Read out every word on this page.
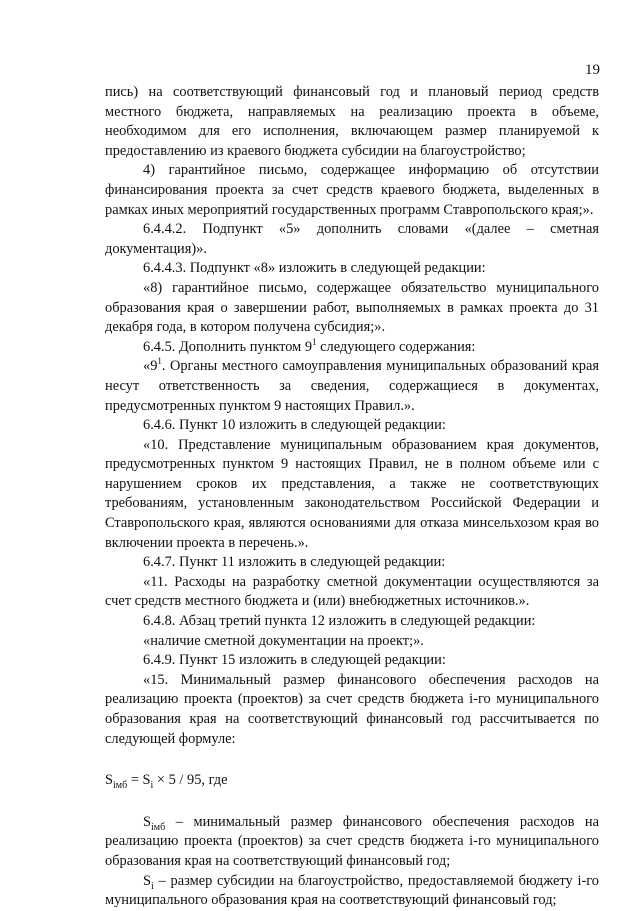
19

пись) на соответствующий финансовый год и плановый период средств местного бюджета, направляемых на реализацию проекта в объеме, необходимом для его исполнения, включающем размер планируемой к предоставлению из краевого бюджета субсидии на благоустройство;

4) гарантийное письмо, содержащее информацию об отсутствии финансирования проекта за счет средств краевого бюджета, выделенных в рамках иных мероприятий государственных программ Ставропольского края;».

6.4.4.2. Подпункт «5» дополнить словами «(далее – сметная документация)».

6.4.4.3. Подпункт «8» изложить в следующей редакции:

«8) гарантийное письмо, содержащее обязательство муниципального образования края о завершении работ, выполняемых в рамках проекта до 31 декабря года, в котором получена субсидия;».

6.4.5. Дополнить пунктом $9^1$ следующего содержания:

«$9^1$. Органы местного самоуправления муниципальных образований края несут ответственность за сведения, содержащиеся в документах, предусмотренных пунктом 9 настоящих Правил.».

6.4.6. Пункт 10 изложить в следующей редакции:

«10. Представление муниципальным образованием края документов, предусмотренных пунктом 9 настоящих Правил, не в полном объеме или с нарушением сроков их представления, а также не соответствующих требованиям, установленным законодательством Российской Федерации и Ставропольского края, являются основаниями для отказа минсельхозом края во включении проекта в перечень.».

6.4.7. Пункт 11 изложить в следующей редакции:

«11. Расходы на разработку сметной документации осуществляются за счет средств местного бюджета и (или) внебюджетных источников.».

6.4.8. Абзац третий пункта 12 изложить в следующей редакции:

«наличие сметной документации на проект;».

6.4.9. Пункт 15 изложить в следующей редакции:

«15. Минимальный размер финансового обеспечения расходов на реализацию проекта (проектов) за счет средств бюджета i-го муниципального образования края на соответствующий финансовый год рассчитывается по следующей формуле:

$S_{iмб} = S_i \times 5 / 95$, где

$S_{iмб}$ – минимальный размер финансового обеспечения расходов на реализацию проекта (проектов) за счет средств бюджета i-го муниципального образования края на соответствующий финансовый год;

$S_i$ – размер субсидии на благоустройство, предоставляемой бюджету i-го муниципального образования края на соответствующий финансовый год;
